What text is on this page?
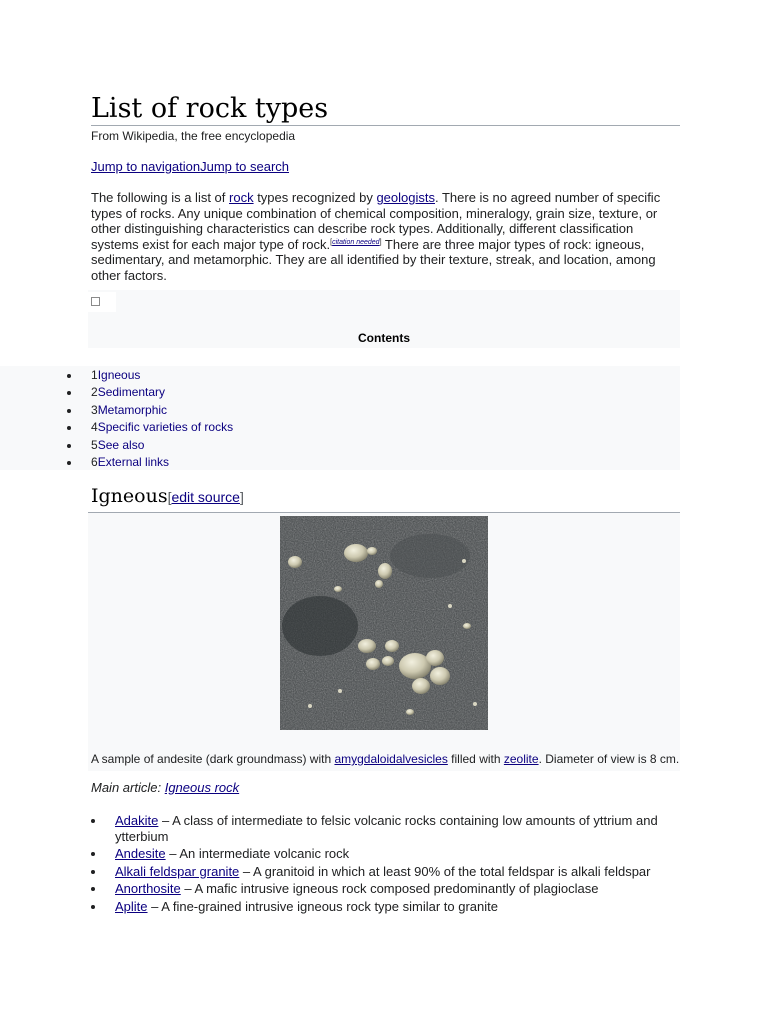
List of rock types
From Wikipedia, the free encyclopedia
Jump to navigationJump to search

The following is a list of rock types recognized by geologists. There is no agreed number of specific types of rocks. Any unique combination of chemical composition, mineralogy, grain size, texture, or other distinguishing characteristics can describe rock types. Additionally, different classification systems exist for each major type of rock.[citation needed] There are three major types of rock: igneous, sedimentary, and metamorphic. They are all identified by their texture, streak, and location, among other factors.

Contents
1Igneous
2Sedimentary
3Metamorphic
4Specific varieties of rocks
5See also
6External links
Igneous[edit source]
A sample of andesite (dark groundmass) with amygdaloidalvesicles filled with zeolite. Diameter of view is 8 cm.
Main article: Igneous rock
Adakite – A class of intermediate to felsic volcanic rocks containing low amounts of yttrium and ytterbium
Andesite – An intermediate volcanic rock
Alkali feldspar granite – A granitoid in which at least 90% of the total feldspar is alkali feldspar
Anorthosite – A mafic intrusive igneous rock composed predominantly of plagioclase
Aplite – A fine-grained intrusive igneous rock type similar to granite
